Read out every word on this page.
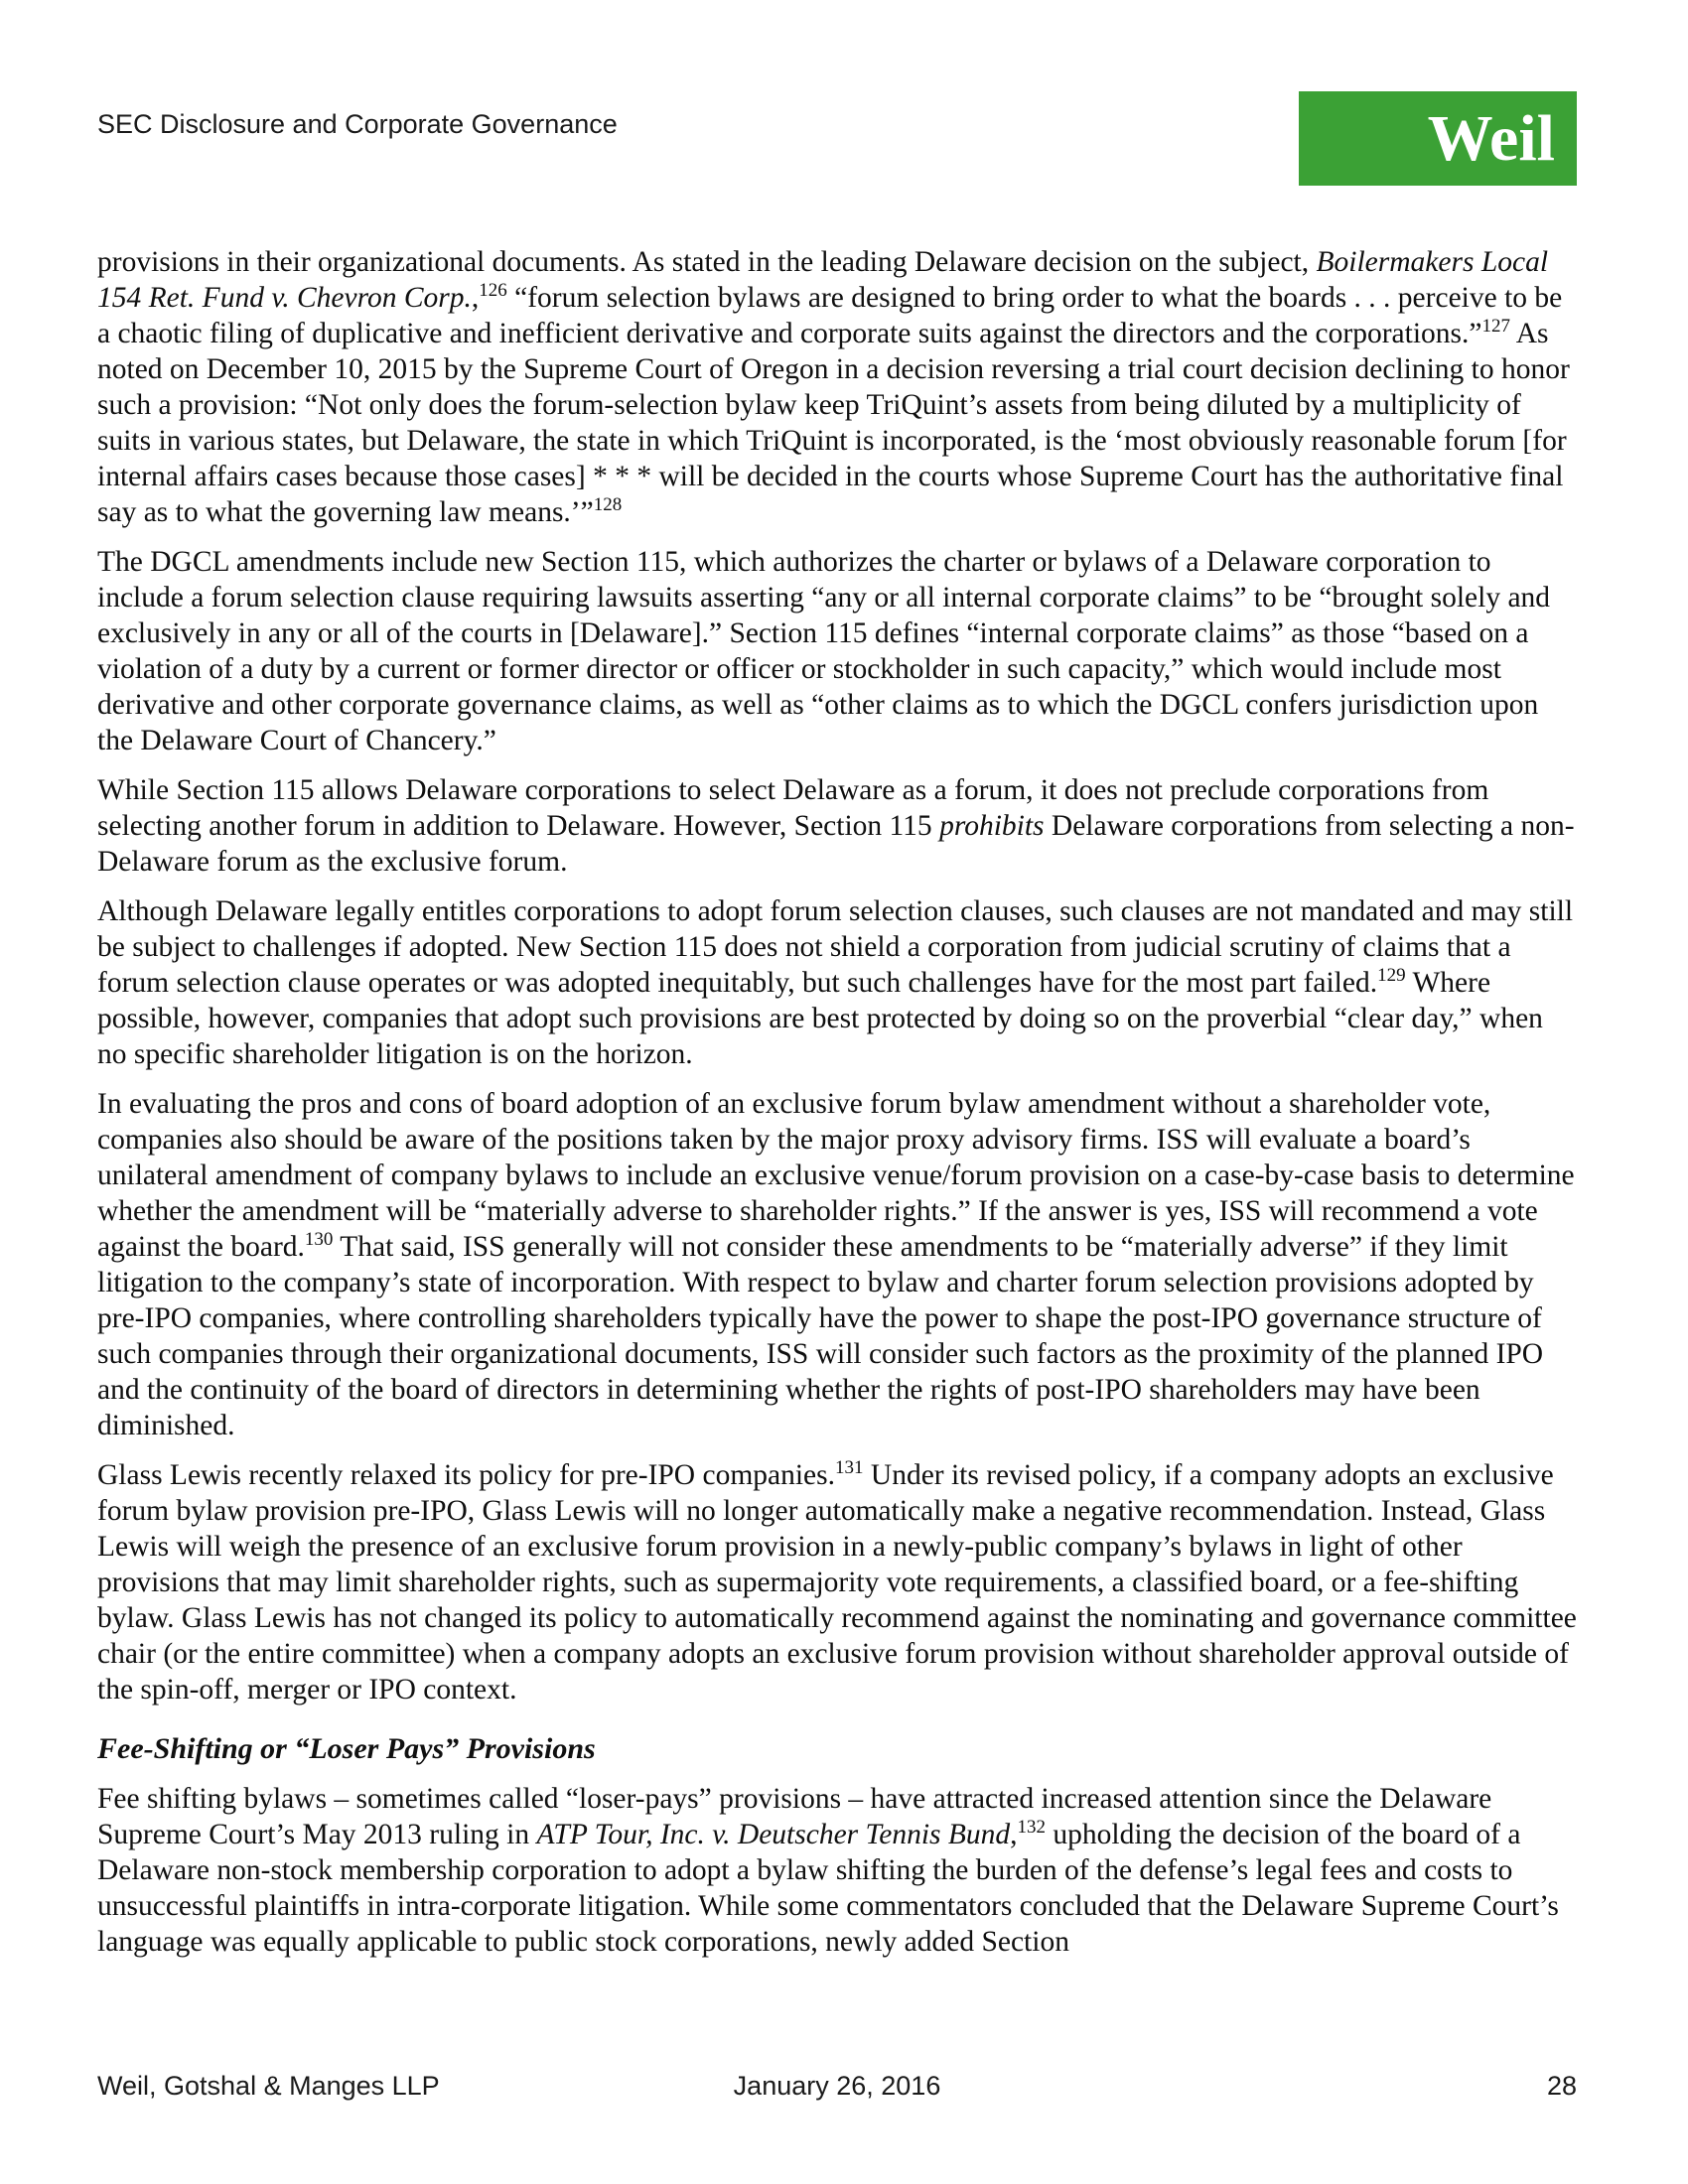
SEC Disclosure and Corporate Governance	Weil

provisions in their organizational documents. As stated in the leading Delaware decision on the subject, Boilermakers Local 154 Ret. Fund v. Chevron Corp.,$^{126}$ “forum selection bylaws are designed to bring order to what the boards . . . perceive to be a chaotic filing of duplicative and inefficient derivative and corporate suits against the directors and the corporations.”$^{127}$ As noted on December 10, 2015 by the Supreme Court of Oregon in a decision reversing a trial court decision declining to honor such a provision: “Not only does the forum-selection bylaw keep TriQuint’s assets from being diluted by a multiplicity of suits in various states, but Delaware, the state in which TriQuint is incorporated, is the ‘most obviously reasonable forum [for internal affairs cases because those cases] * * * will be decided in the courts whose Supreme Court has the authoritative final say as to what the governing law means.’”$^{128}$

The DGCL amendments include new Section 115, which authorizes the charter or bylaws of a Delaware corporation to include a forum selection clause requiring lawsuits asserting “any or all internal corporate claims” to be “brought solely and exclusively in any or all of the courts in [Delaware].” Section 115 defines “internal corporate claims” as those “based on a violation of a duty by a current or former director or officer or stockholder in such capacity,” which would include most derivative and other corporate governance claims, as well as “other claims as to which the DGCL confers jurisdiction upon the Delaware Court of Chancery.”

While Section 115 allows Delaware corporations to select Delaware as a forum, it does not preclude corporations from selecting another forum in addition to Delaware. However, Section 115 prohibits Delaware corporations from selecting a non-Delaware forum as the exclusive forum.

Although Delaware legally entitles corporations to adopt forum selection clauses, such clauses are not mandated and may still be subject to challenges if adopted. New Section 115 does not shield a corporation from judicial scrutiny of claims that a forum selection clause operates or was adopted inequitably, but such challenges have for the most part failed.$^{129}$ Where possible, however, companies that adopt such provisions are best protected by doing so on the proverbial “clear day,” when no specific shareholder litigation is on the horizon.

In evaluating the pros and cons of board adoption of an exclusive forum bylaw amendment without a shareholder vote, companies also should be aware of the positions taken by the major proxy advisory firms. ISS will evaluate a board’s unilateral amendment of company bylaws to include an exclusive venue/forum provision on a case-by-case basis to determine whether the amendment will be “materially adverse to shareholder rights.” If the answer is yes, ISS will recommend a vote against the board.$^{130}$ That said, ISS generally will not consider these amendments to be “materially adverse” if they limit litigation to the company’s state of incorporation. With respect to bylaw and charter forum selection provisions adopted by pre-IPO companies, where controlling shareholders typically have the power to shape the post-IPO governance structure of such companies through their organizational documents, ISS will consider such factors as the proximity of the planned IPO and the continuity of the board of directors in determining whether the rights of post-IPO shareholders may have been diminished.

Glass Lewis recently relaxed its policy for pre-IPO companies.$^{131}$ Under its revised policy, if a company adopts an exclusive forum bylaw provision pre-IPO, Glass Lewis will no longer automatically make a negative recommendation. Instead, Glass Lewis will weigh the presence of an exclusive forum provision in a newly-public company’s bylaws in light of other provisions that may limit shareholder rights, such as supermajority vote requirements, a classified board, or a fee-shifting bylaw. Glass Lewis has not changed its policy to automatically recommend against the nominating and governance committee chair (or the entire committee) when a company adopts an exclusive forum provision without shareholder approval outside of the spin-off, merger or IPO context.

Fee-Shifting or “Loser Pays” Provisions

Fee shifting bylaws – sometimes called “loser-pays” provisions – have attracted increased attention since the Delaware Supreme Court’s May 2013 ruling in ATP Tour, Inc. v. Deutscher Tennis Bund,$^{132}$ upholding the decision of the board of a Delaware non-stock membership corporation to adopt a bylaw shifting the burden of the defense’s legal fees and costs to unsuccessful plaintiffs in intra-corporate litigation. While some commentators concluded that the Delaware Supreme Court’s language was equally applicable to public stock corporations, newly added Section

Weil, Gotshal & Manges LLP	January 26, 2016	28
